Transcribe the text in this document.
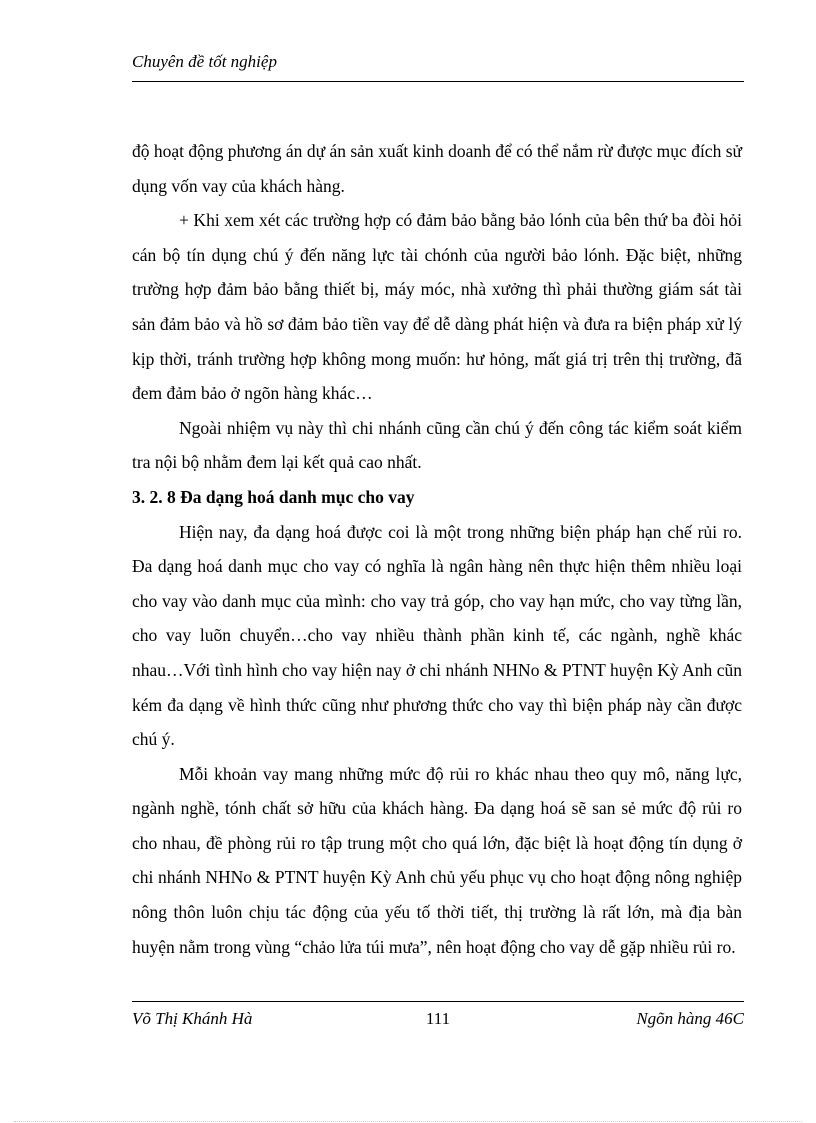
Chuyên đề tốt nghiệp

độ hoạt động phương án dự án sản xuất kinh doanh để có thể nắm rừ được mục đích sử dụng vốn vay của khách hàng.

+ Khi xem xét các trường hợp có đảm bảo bằng bảo lónh của bên thứ ba đòi hỏi cán bộ tín dụng chú ý đến năng lực tài chónh của người bảo lónh. Đặc biệt, những trường hợp đảm bảo bằng thiết bị, máy móc, nhà xưởng thì phải thường giám sát tài sản đảm bảo và hồ sơ đảm bảo tiền vay để dễ dàng phát hiện và đưa ra biện pháp xử lý kịp thời, tránh trường hợp không mong muốn: hư hỏng, mất giá trị trên thị trường, đã đem đảm bảo ở ngõn hàng khác…

Ngoài nhiệm vụ này thì chi nhánh cũng cần chú ý đến công tác kiểm soát kiểm tra nội bộ nhằm đem lại kết quả cao nhất.

3. 2. 8 Đa dạng hoá danh mục cho vay

Hiện nay, đa dạng hoá được coi là một trong những biện pháp hạn chế rủi ro. Đa dạng hoá danh mục cho vay có nghĩa là ngân hàng nên thực hiện thêm nhiều loại cho vay vào danh mục của mình: cho vay trả góp, cho vay hạn mức, cho vay từng lần, cho vay luõn chuyển…cho vay nhiều thành phần kinh tế, các ngành, nghề khác nhau…Với tình hình cho vay hiện nay ở chi nhánh NHNo & PTNT huyện Kỳ Anh cũn kém đa dạng về hình thức cũng như phương thức cho vay thì biện pháp này cần được chú ý.

Mỗi khoản vay mang những mức độ rủi ro khác nhau theo quy mô, năng lực, ngành nghề, tónh chất sở hữu của khách hàng. Đa dạng hoá sẽ san sẻ mức độ rủi ro cho nhau, đề phòng rủi ro tập trung một cho quá lớn, đặc biệt là hoạt động tín dụng ở chi nhánh NHNo & PTNT huyện Kỳ Anh chủ yếu phục vụ cho hoạt động nông nghiệp nông thôn luôn chịu tác động của yếu tố thời tiết, thị trường là rất lớn, mà địa bàn huyện nằm trong vùng “chảo lửa túi mưa”, nên hoạt động cho vay dễ gặp nhiều rủi ro.

Võ Thị Khánh Hà	111	Ngõn hàng 46C
